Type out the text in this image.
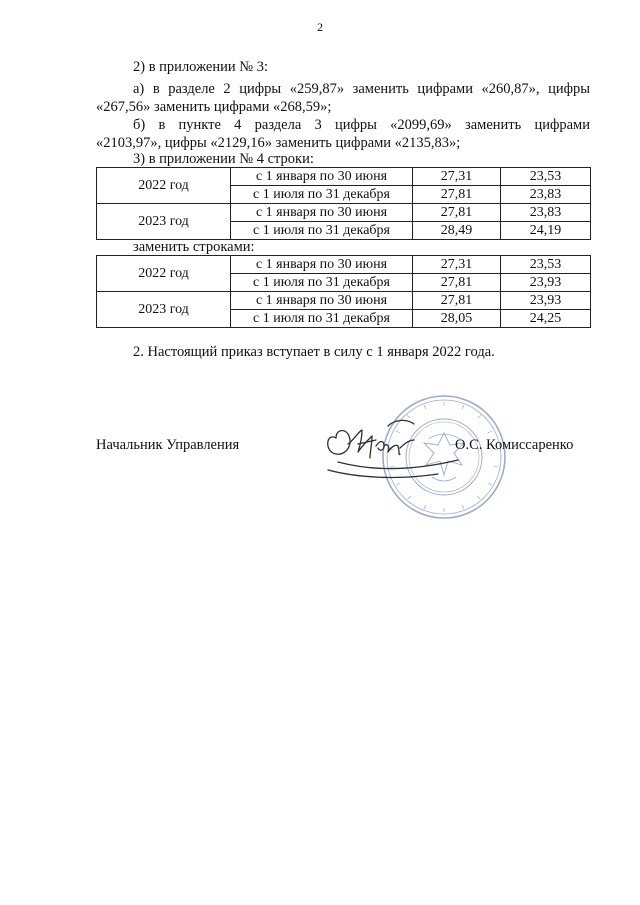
2
2) в приложении № 3:
а) в разделе 2 цифры «259,87» заменить цифрами «260,87», цифры
«267,56» заменить цифрами «268,59»;
б) в пункте 4 раздела 3 цифры «2099,69» заменить цифрами
«2103,97», цифры «2129,16» заменить цифрами «2135,83»;
3) в приложении № 4 строки:
2022 год	с 1 января по 30 июня	27,31	23,53
	с 1 июля по 31 декабря	27,81	23,83
2023 год	с 1 января по 30 июня	27,81	23,83
	с 1 июля по 31 декабря	28,49	24,19
заменить строками:
2022 год	с 1 января по 30 июня	27,31	23,53
	с 1 июля по 31 декабря	27,81	23,93
2023 год	с 1 января по 30 июня	27,81	23,93
	с 1 июля по 31 декабря	28,05	24,25
2. Настоящий приказ вступает в силу с 1 января 2022 года.
Начальник Управления	О.С. Комиссаренко
